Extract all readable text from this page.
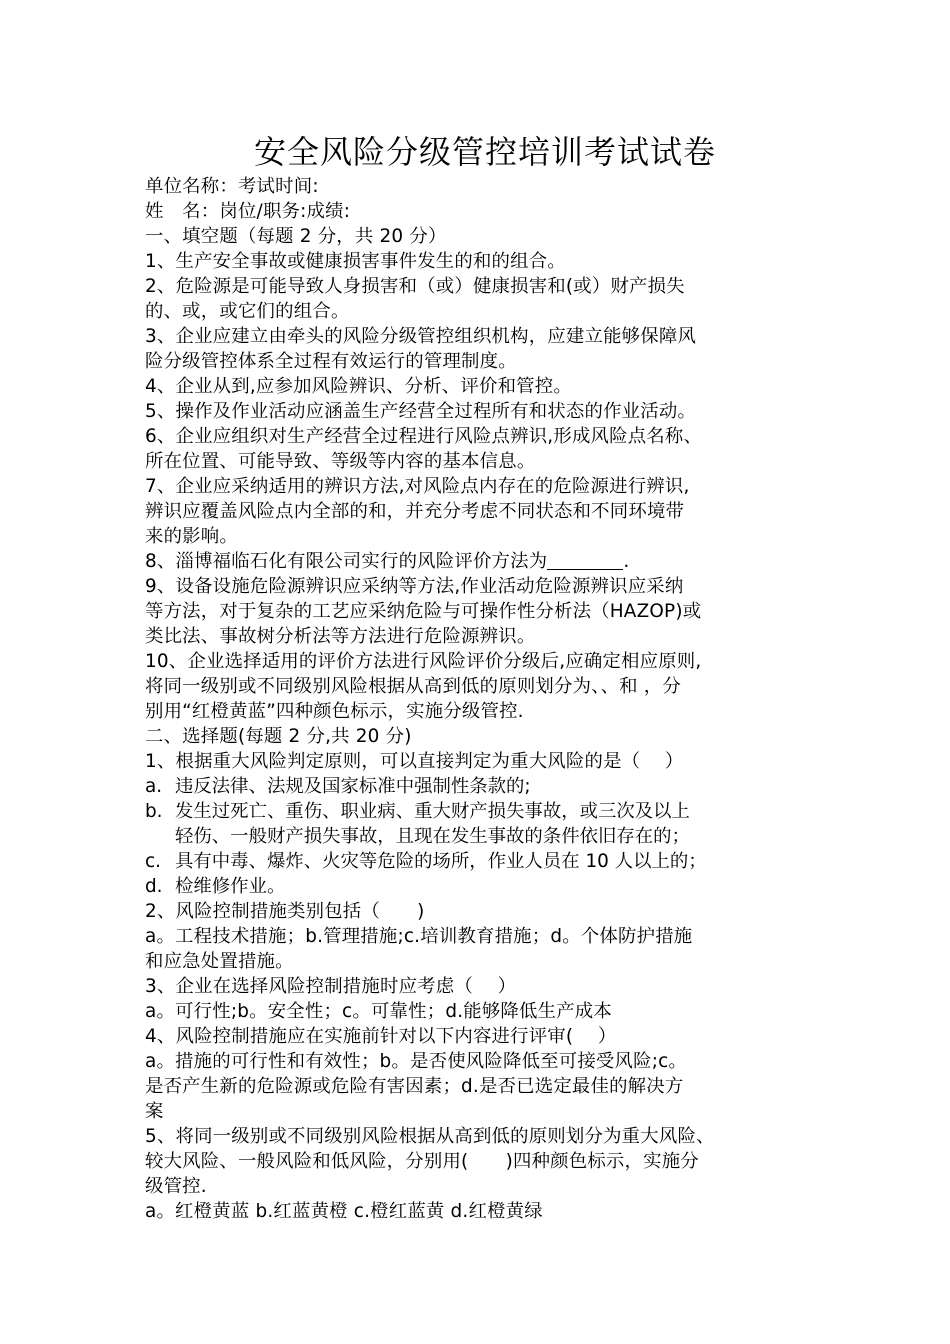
安全风险分级管控培训考试试卷
单位名称：考试时间:
姓　名：岗位/职务:成绩:
一、填空题（每题 2 分，共 20 分）
1、生产安全事故或健康损害事件发生的和的组合。
2、危险源是可能导致人身损害和（或）健康损害和(或）财产损失
的、或，或它们的组合。
3、企业应建立由牵头的风险分级管控组织机构，应建立能够保障风
险分级管控体系全过程有效运行的管理制度。
4、企业从到,应参加风险辨识、分析、评价和管控。
5、操作及作业活动应涵盖生产经营全过程所有和状态的作业活动。
6、企业应组织对生产经营全过程进行风险点辨识,形成风险点名称、
所在位置、可能导致、等级等内容的基本信息。
7、企业应采纳适用的辨识方法,对风险点内存在的危险源进行辨识,
辨识应覆盖风险点内全部的和，并充分考虑不同状态和不同环境带
来的影响。
8、淄博福临石化有限公司实行的风险评价方法为	.
9、设备设施危险源辨识应采纳等方法,作业活动危险源辨识应采纳
等方法，对于复杂的工艺应采纳危险与可操作性分析法（HAZOP)或
类比法、事故树分析法等方法进行危险源辨识。
10、企业选择适用的评价方法进行风险评价分级后,应确定相应原则,
将同一级别或不同级别风险根据从高到低的原则划分为、、和 ，分
别用“红橙黄蓝”四种颜色标示，实施分级管控.
二、选择题(每题 2 分,共 20 分)
1、根据重大风险判定原则，可以直接判定为重大风险的是（　 ）
a. 违反法律、法规及国家标准中强制性条款的;
b. 发生过死亡、重伤、职业病、重大财产损失事故，或三次及以上
轻伤、一般财产损失事故，且现在发生事故的条件依旧存在的；
c. 具有中毒、爆炸、火灾等危险的场所，作业人员在 10 人以上的；
d. 检维修作业。
2、风险控制措施类别包括（　　)
a。工程技术措施；b.管理措施;c.培训教育措施；d。个体防护措施
和应急处置措施。
3、企业在选择风险控制措施时应考虑（　 ）
a。可行性;b。安全性；c。可靠性；d.能够降低生产成本
4、风险控制措施应在实施前针对以下内容进行评审(　 ）
a。措施的可行性和有效性；b。是否使风险降低至可接受风险;c。
是否产生新的危险源或危险有害因素；d.是否已选定最佳的解决方
案
5、将同一级别或不同级别风险根据从高到低的原则划分为重大风险、
较大风险、一般风险和低风险，分别用(　　)四种颜色标示，实施分
级管控.
a。红橙黄蓝 b.红蓝黄橙 c.橙红蓝黄 d.红橙黄绿
